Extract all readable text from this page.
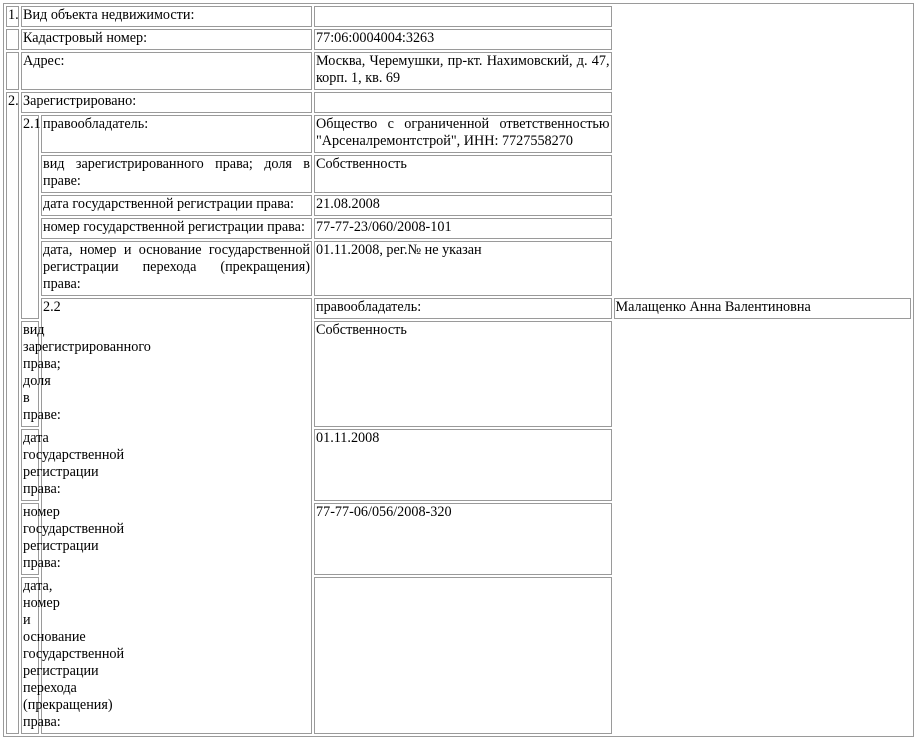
1.	Вид объекта недвижимости:			
	Кадастровый номер:		77:06:0004004:3263	
	Адрес:		Москва, Черемушки, пр-кт. Нахимовский, д. 47, корп. 1, кв. 69	
2.	Зарегистрировано:			
	2.1	правообладатель:	Общество с ограниченной ответственностью "Арсеналремонтстрой", ИНН: 7727558270	
		вид зарегистрированного права; доля в праве:	Собственность	
		дата государственной регистрации права:	21.08.2008	
		номер государственной регистрации права:	77-77-23/060/2008-101	
		дата, номер и основание государственной регистрации перехода (прекращения) права:	01.11.2008, рег.№ не указан	
		2.2	правообладатель:	Малащенко Анна Валентиновна
	вид зарегистрированного права; доля в праве:		Собственность	
	дата государственной регистрации права:		01.11.2008	
	номер государственной регистрации права:		77-77-06/056/2008-320	
	дата, номер и основание государственной регистрации перехода (прекращения) права:			
